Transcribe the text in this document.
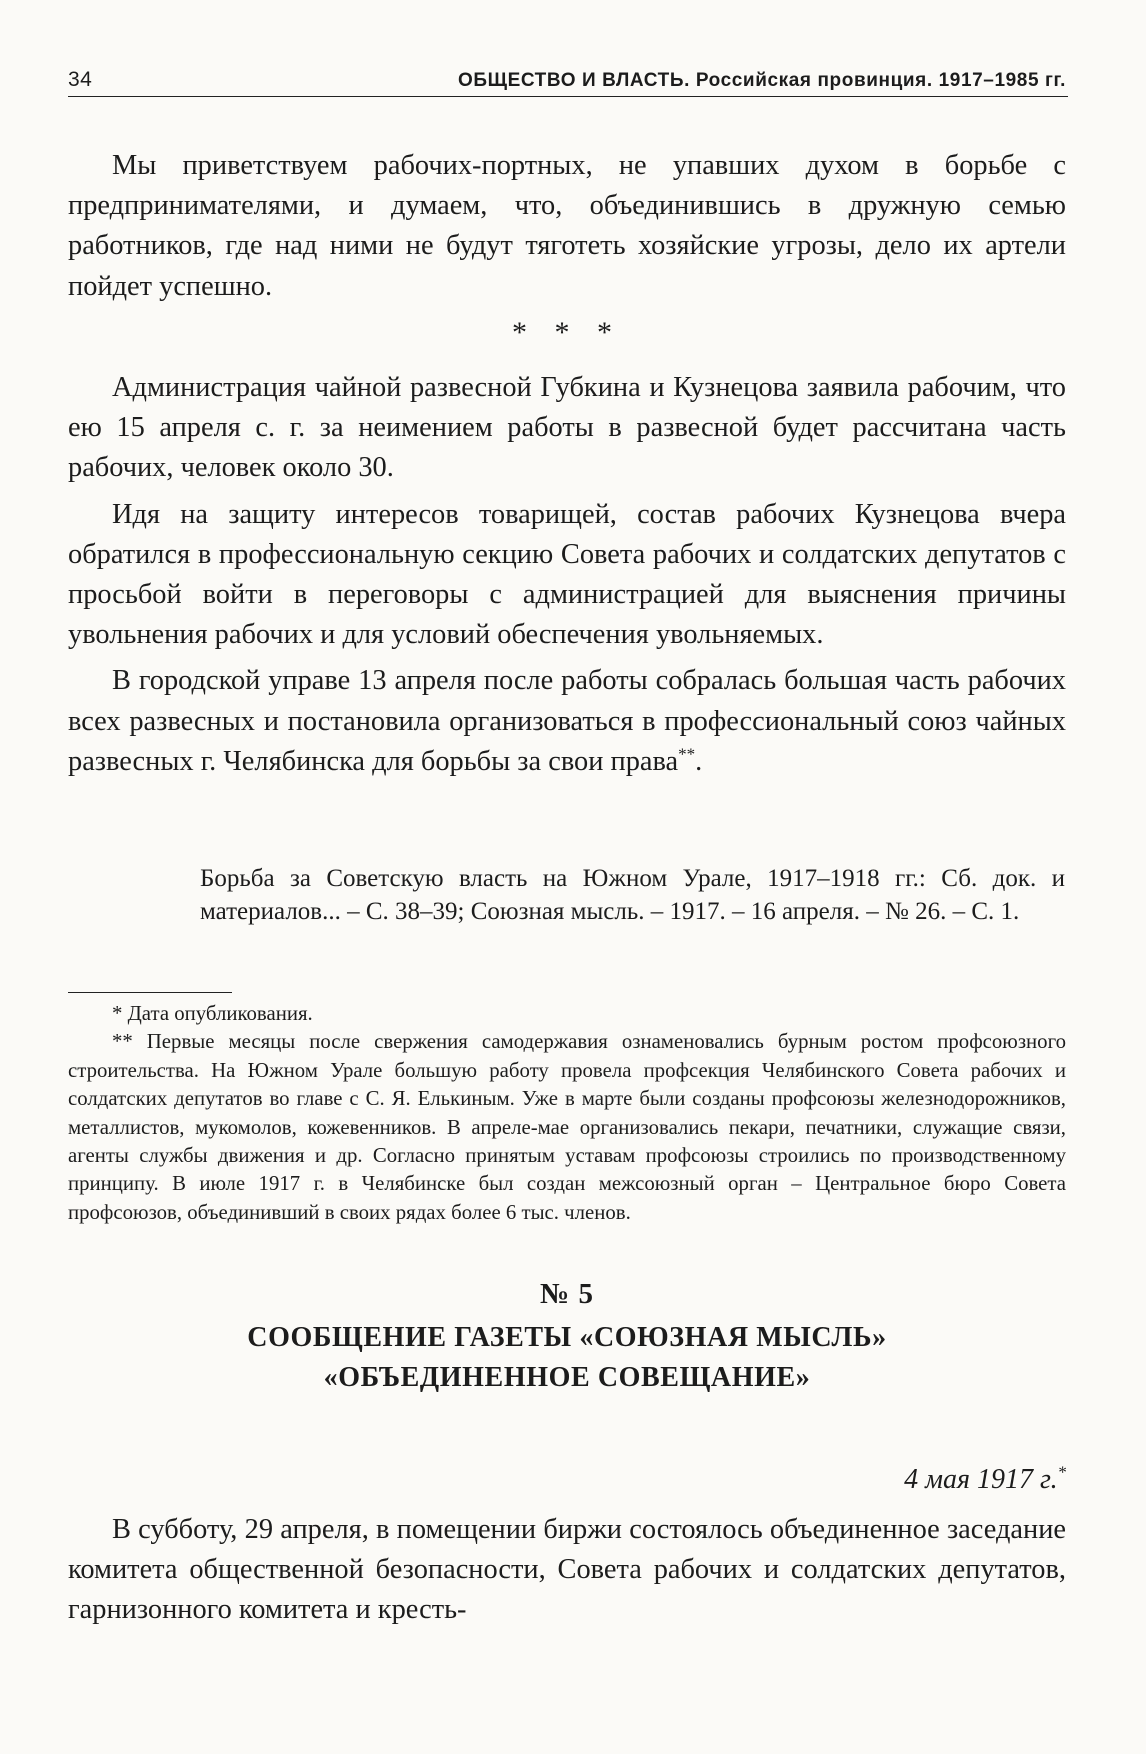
34	ОБЩЕСТВО И ВЛАСТЬ. Российская провинция. 1917–1985 гг.

Мы приветствуем рабочих-портных, не упавших духом в борьбе с предпринимателями, и думаем, что, объединившись в дружную семью работников, где над ними не будут тяготеть хозяйские угрозы, дело их артели пойдет успешно.

* * *

Администрация чайной развесной Губкина и Кузнецова заявила рабочим, что ею 15 апреля с. г. за неимением работы в развесной будет рассчитана часть рабочих, человек около 30.

Идя на защиту интересов товарищей, состав рабочих Кузнецова вчера обратился в профессиональную секцию Совета рабочих и солдатских депутатов с просьбой войти в переговоры с администрацией для выяснения причины увольнения рабочих и для условий обеспечения увольняемых.

В городской управе 13 апреля после работы собралась большая часть рабочих всех развесных и постановила организоваться в профессиональный союз чайных развесных г. Челябинска для борьбы за свои права**.

Борьба за Советскую власть на Южном Урале, 1917–1918 гг.: Сб. док. и материалов... – С. 38–39; Союзная мысль. – 1917. – 16 апреля. – № 26. – С. 1.

* Дата опубликования.

** Первые месяцы после свержения самодержавия ознаменовались бурным ростом профсоюзного строительства. На Южном Урале большую работу провела профсекция Челябинского Совета рабочих и солдатских депутатов во главе с С. Я. Елькиным. Уже в марте были созданы профсоюзы железнодорожников, металлистов, мукомолов, кожевенников. В апреле-мае организовались пекари, печатники, служащие связи, агенты службы движения и др. Согласно принятым уставам профсоюзы строились по производственному принципу. В июле 1917 г. в Челябинске был создан межсоюзный орган – Центральное бюро Совета профсоюзов, объединивший в своих рядах более 6 тыс. членов.

№ 5
СООБЩЕНИЕ ГАЗЕТЫ «СОЮЗНАЯ МЫСЛЬ»
«ОБЪЕДИНЕННОЕ СОВЕЩАНИЕ»
4 мая 1917 г.*

В субботу, 29 апреля, в помещении биржи состоялось объединенное заседание комитета общественной безопасности, Совета рабочих и солдатских депутатов, гарнизонного комитета и кресть-
